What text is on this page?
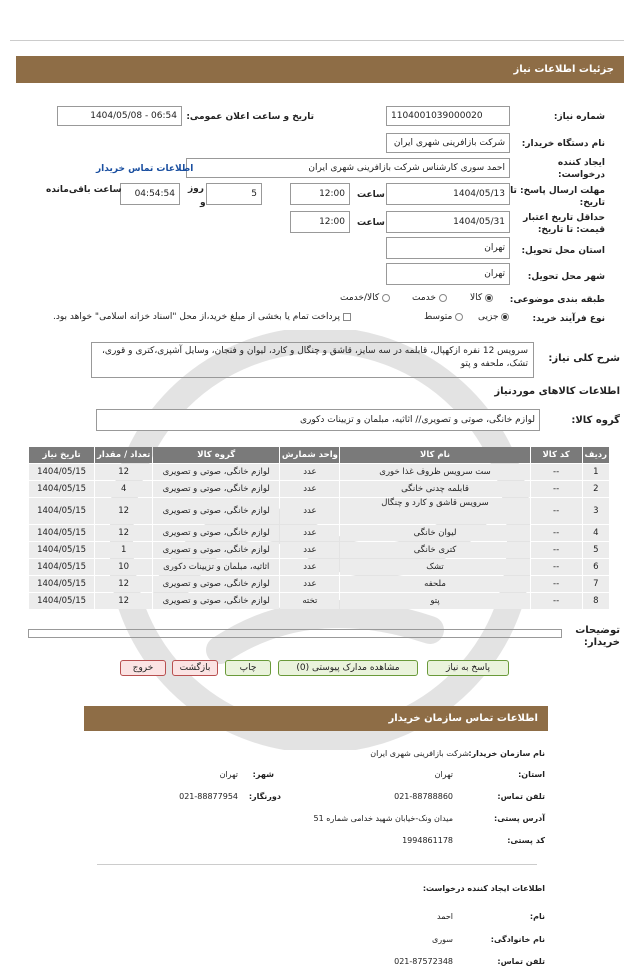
جزئیات اطلاعات نیاز
شماره نیاز:
1104001039000020
تاریخ و ساعت اعلان عمومی:
1404/05/08 - 06:54
نام دستگاه خریدار:
شرکت بازافرینی شهری ایران
ایجاد کننده
درخواست:
احمد سوری کارشناس شرکت بازافرینی شهری ایران
اطلاعات تماس خریدار
مهلت ارسال پاسخ: تا
تاریخ:
1404/05/13
ساعت
12:00
5
روز
و
04:54:54
ساعت باقی‌مانده
حداقل تاریخ اعتبار
قیمت: تا تاریخ:
1404/05/31
ساعت
12:00
استان محل تحویل:
تهران
شهر محل تحویل:
تهران
طبقه بندی موضوعی:
کالا
خدمت
کالا/خدمت
نوع فرآیند خرید:
جزیی
متوسط
پرداخت تمام یا بخشی از مبلغ خرید،از محل "اسناد خزانه اسلامی" خواهد بود.
شرح کلی نیاز:
سرویس 12 نفره ازکهپال، قابلمه در سه سایز، قاشق و چنگال و کارد، لیوان و فنجان، وسایل آشپزی،کتری و قوری، تشک، ملحفه و پتو
اطلاعات کالاهای موردنیاز
گروه کالا:
لوازم خانگی، صوتی و تصویری// اثاثیه، مبلمان و تزیینات دکوری
ردیف	کد کالا	نام کالا	واحد شمارش	گروه کالا	تعداد / مقدار	تاریخ نیاز
1	--	ست سرویس ظروف غذا خوری	عدد	لوازم خانگی، صوتی و تصویری	12	1404/05/15
2	--	قابلمه چدنی خانگی	عدد	لوازم خانگی، صوتی و تصویری	4	1404/05/15
3	--	سرویس قاشق و کارد و چنگال	عدد	لوازم خانگی، صوتی و تصویری	12	1404/05/15
4	--	لیوان خانگی	عدد	لوازم خانگی، صوتی و تصویری	12	1404/05/15
5	--	کتری خانگی	عدد	لوازم خانگی، صوتی و تصویری	1	1404/05/15
6	--	تشک	عدد	اثاثیه، مبلمان و تزیینات دکوری	10	1404/05/15
7	--	ملحفه	عدد	لوازم خانگی، صوتی و تصویری	12	1404/05/15
8	--	پتو	تخته	لوازم خانگی، صوتی و تصویری	12	1404/05/15
توضیحات
خریدار:
پاسخ به نیاز
مشاهده مدارک پیوستی (0)
چاپ
بازگشت
خروج
اطلاعات تماس سازمان خریدار
نام سازمان خریدار:
شرکت بازافرینی شهری ایران
استان:
تهران
شهر:
تهران
تلفن تماس:
021-88788860
دورنگار:
021-88877954
آدرس پستی:
میدان ونک-خیابان شهید خدامی شماره 51
کد پستی:
1994861178
اطلاعات ایجاد کننده درخواست:
نام:
احمد
نام خانوادگی:
سوری
تلفن تماس:
021-87572348
